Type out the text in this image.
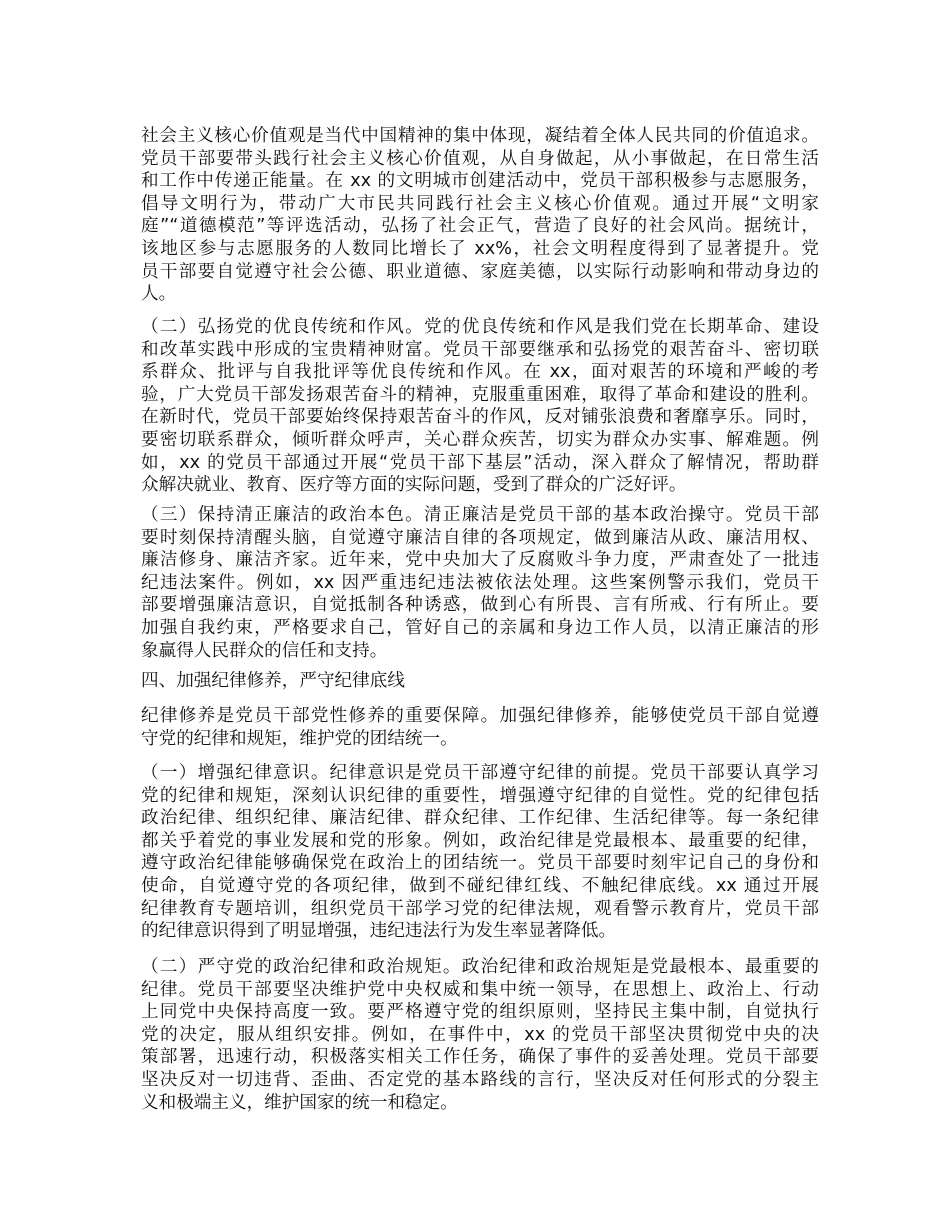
社会主义核心价值观是当代中国精神的集中体现，凝结着全体人民共同的价值追求。
党员干部要带头践行社会主义核心价值观，从自身做起，从小事做起，在日常生活
和工作中传递正能量。在 xx 的文明城市创建活动中，党员干部积极参与志愿服务，
倡导文明行为，带动广大市民共同践行社会主义核心价值观。通过开展“文明家
庭”“道德模范”等评选活动，弘扬了社会正气，营造了良好的社会风尚。据统计，
该地区参与志愿服务的人数同比增长了 xx%，社会文明程度得到了显著提升。党
员干部要自觉遵守社会公德、职业道德、家庭美德，以实际行动影响和带动身边的
人。
（二）弘扬党的优良传统和作风。党的优良传统和作风是我们党在长期革命、建设
和改革实践中形成的宝贵精神财富。党员干部要继承和弘扬党的艰苦奋斗、密切联
系群众、批评与自我批评等优良传统和作风。在 xx，面对艰苦的环境和严峻的考
验，广大党员干部发扬艰苦奋斗的精神，克服重重困难，取得了革命和建设的胜利。
在新时代，党员干部要始终保持艰苦奋斗的作风，反对铺张浪费和奢靡享乐。同时，
要密切联系群众，倾听群众呼声，关心群众疾苦，切实为群众办实事、解难题。例
如，xx 的党员干部通过开展“党员干部下基层”活动，深入群众了解情况，帮助群
众解决就业、教育、医疗等方面的实际问题，受到了群众的广泛好评。
（三）保持清正廉洁的政治本色。清正廉洁是党员干部的基本政治操守。党员干部
要时刻保持清醒头脑，自觉遵守廉洁自律的各项规定，做到廉洁从政、廉洁用权、
廉洁修身、廉洁齐家。近年来，党中央加大了反腐败斗争力度，严肃查处了一批违
纪违法案件。例如，xx 因严重违纪违法被依法处理。这些案例警示我们，党员干
部要增强廉洁意识，自觉抵制各种诱惑，做到心有所畏、言有所戒、行有所止。要
加强自我约束，严格要求自己，管好自己的亲属和身边工作人员，以清正廉洁的形
象赢得人民群众的信任和支持。
四、加强纪律修养，严守纪律底线
纪律修养是党员干部党性修养的重要保障。加强纪律修养，能够使党员干部自觉遵
守党的纪律和规矩，维护党的团结统一。
（一）增强纪律意识。纪律意识是党员干部遵守纪律的前提。党员干部要认真学习
党的纪律和规矩，深刻认识纪律的重要性，增强遵守纪律的自觉性。党的纪律包括
政治纪律、组织纪律、廉洁纪律、群众纪律、工作纪律、生活纪律等。每一条纪律
都关乎着党的事业发展和党的形象。例如，政治纪律是党最根本、最重要的纪律，
遵守政治纪律能够确保党在政治上的团结统一。党员干部要时刻牢记自己的身份和
使命，自觉遵守党的各项纪律，做到不碰纪律红线、不触纪律底线。xx 通过开展
纪律教育专题培训，组织党员干部学习党的纪律法规，观看警示教育片，党员干部
的纪律意识得到了明显增强，违纪违法行为发生率显著降低。
（二）严守党的政治纪律和政治规矩。政治纪律和政治规矩是党最根本、最重要的
纪律。党员干部要坚决维护党中央权威和集中统一领导，在思想上、政治上、行动
上同党中央保持高度一致。要严格遵守党的组织原则，坚持民主集中制，自觉执行
党的决定，服从组织安排。例如，在事件中，xx 的党员干部坚决贯彻党中央的决
策部署，迅速行动，积极落实相关工作任务，确保了事件的妥善处理。党员干部要
坚决反对一切违背、歪曲、否定党的基本路线的言行，坚决反对任何形式的分裂主
义和极端主义，维护国家的统一和稳定。
